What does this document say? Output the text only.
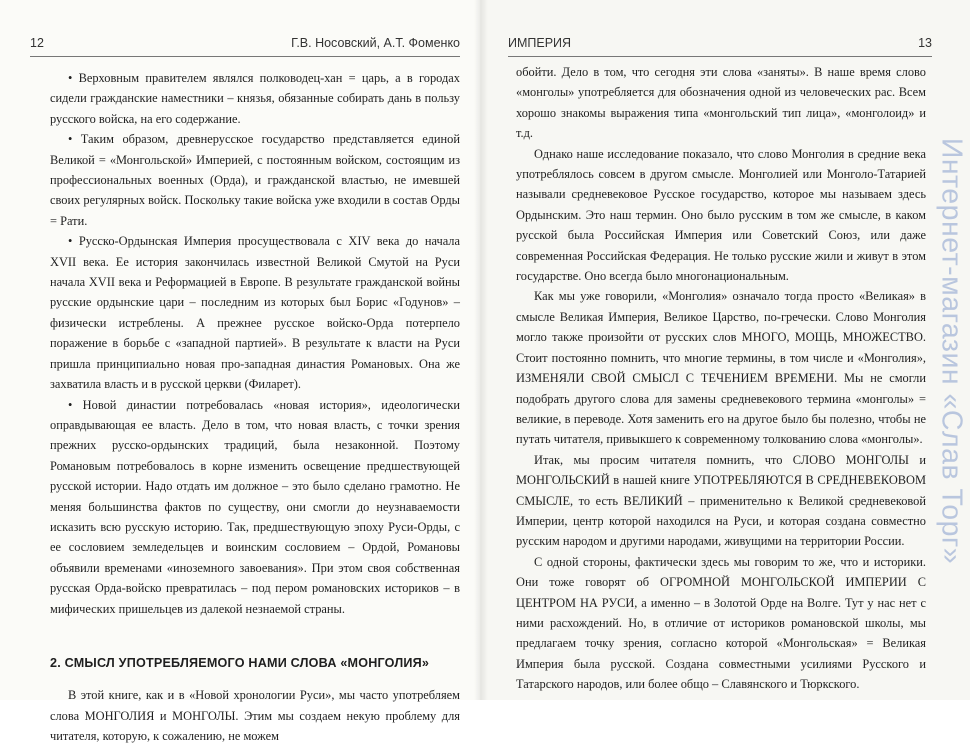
12	Г.В. Носовский, А.Т. Фоменко

• Верховным правителем являлся полководец-хан = царь, а в городах сидели гражданские наместники – князья, обязанные собирать дань в пользу русского войска, на его содержание.

• Таким образом, древнерусское государство представляется единой Великой = «Монгольской» Империей, с постоянным войском, состоящим из профессиональных военных (Орда), и гражданской властью, не имевшей своих регулярных войск. Поскольку такие войска уже входили в состав Орды = Рати.

• Русско-Ордынская Империя просуществовала с XIV века до начала XVII века. Ее история закончилась известной Великой Смутой на Руси начала XVII века и Реформацией в Европе. В результате гражданской войны русские ордынские цари – последним из которых был Борис «Годунов» – физически истреблены. А прежнее русское войско-Орда потерпело поражение в борьбе с «западной партией». В результате к власти на Руси пришла принципиально новая про-западная династия Романовых. Она же захватила власть и в русской церкви (Филарет).

• Новой династии потребовалась «новая история», идеологически оправдывающая ее власть. Дело в том, что новая власть, с точки зрения прежних русско-ордынских традиций, была незаконной. Поэтому Романовым потребовалось в корне изменить освещение предшествующей русской истории. Надо отдать им должное – это было сделано грамотно. Не меняя большинства фактов по существу, они смогли до неузнаваемости исказить всю русскую историю. Так, предшествующую эпоху Руси-Орды, с ее сословием земледельцев и воинским сословием – Ордой, Романовы объявили временами «иноземного завоевания». При этом своя собственная русская Орда-войско превратилась – под пером романовских историков – в мифических пришельцев из далекой незнаемой страны.

2. СМЫСЛ УПОТРЕБЛЯЕМОГО НАМИ СЛОВА «МОНГОЛИЯ»

В этой книге, как и в «Новой хронологии Руси», мы часто употребляем слова МОНГОЛИЯ и МОНГОЛЫ. Этим мы создаем некую проблему для читателя, которую, к сожалению, не можем

ИМПЕРИЯ	13

обойти. Дело в том, что сегодня эти слова «заняты». В наше время слово «монголы» употребляется для обозначения одной из человеческих рас. Всем хорошо знакомы выражения типа «монгольский тип лица», «монголоид» и т.д.

Однако наше исследование показало, что слово Монголия в средние века употреблялось совсем в другом смысле. Монголией или Монголо-Татарией называли средневековое Русское государство, которое мы называем здесь Ордынским. Это наш термин. Оно было русским в том же смысле, в каком русской была Российская Империя или Советский Союз, или даже современная Российская Федерация. Не только русские жили и живут в этом государстве. Оно всегда было многонациональным.

Как мы уже говорили, «Монголия» означало тогда просто «Великая» в смысле Великая Империя, Великое Царство, по-гречески. Слово Монголия могло также произойти от русских слов МНОГО, МОЩЬ, МНОЖЕСТВО. Стоит постоянно помнить, что многие термины, в том числе и «Монголия», ИЗМЕНЯЛИ СВОЙ СМЫСЛ С ТЕЧЕНИЕМ ВРЕМЕНИ. Мы не смогли подобрать другого слова для замены средневекового термина «монголы» = великие, в переводе. Хотя заменить его на другое было бы полезно, чтобы не путать читателя, привыкшего к современному толкованию слова «монголы».

Итак, мы просим читателя помнить, что СЛОВО МОНГОЛЫ и МОНГОЛЬСКИЙ в нашей книге УПОТРЕБЛЯЮТСЯ В СРЕДНЕВЕКОВОМ СМЫСЛЕ, то есть ВЕЛИКИЙ – применительно к Великой средневековой Империи, центр которой находился на Руси, и которая создана совместно русским народом и другими народами, живущими на территории России.

С одной стороны, фактически здесь мы говорим то же, что и историки. Они тоже говорят об ОГРОМНОЙ МОНГОЛЬСКОЙ ИМПЕРИИ С ЦЕНТРОМ НА РУСИ, а именно – в Золотой Орде на Волге. Тут у нас нет с ними расхождений. Но, в отличие от историков романовской школы, мы предлагаем точку зрения, согласно которой «Монгольская» = Великая Империя была русской. Создана совместными усилиями Русского и Татарского народов, или более общо – Славянского и Тюркского.

Интернет-магазин «Слав Торг»
